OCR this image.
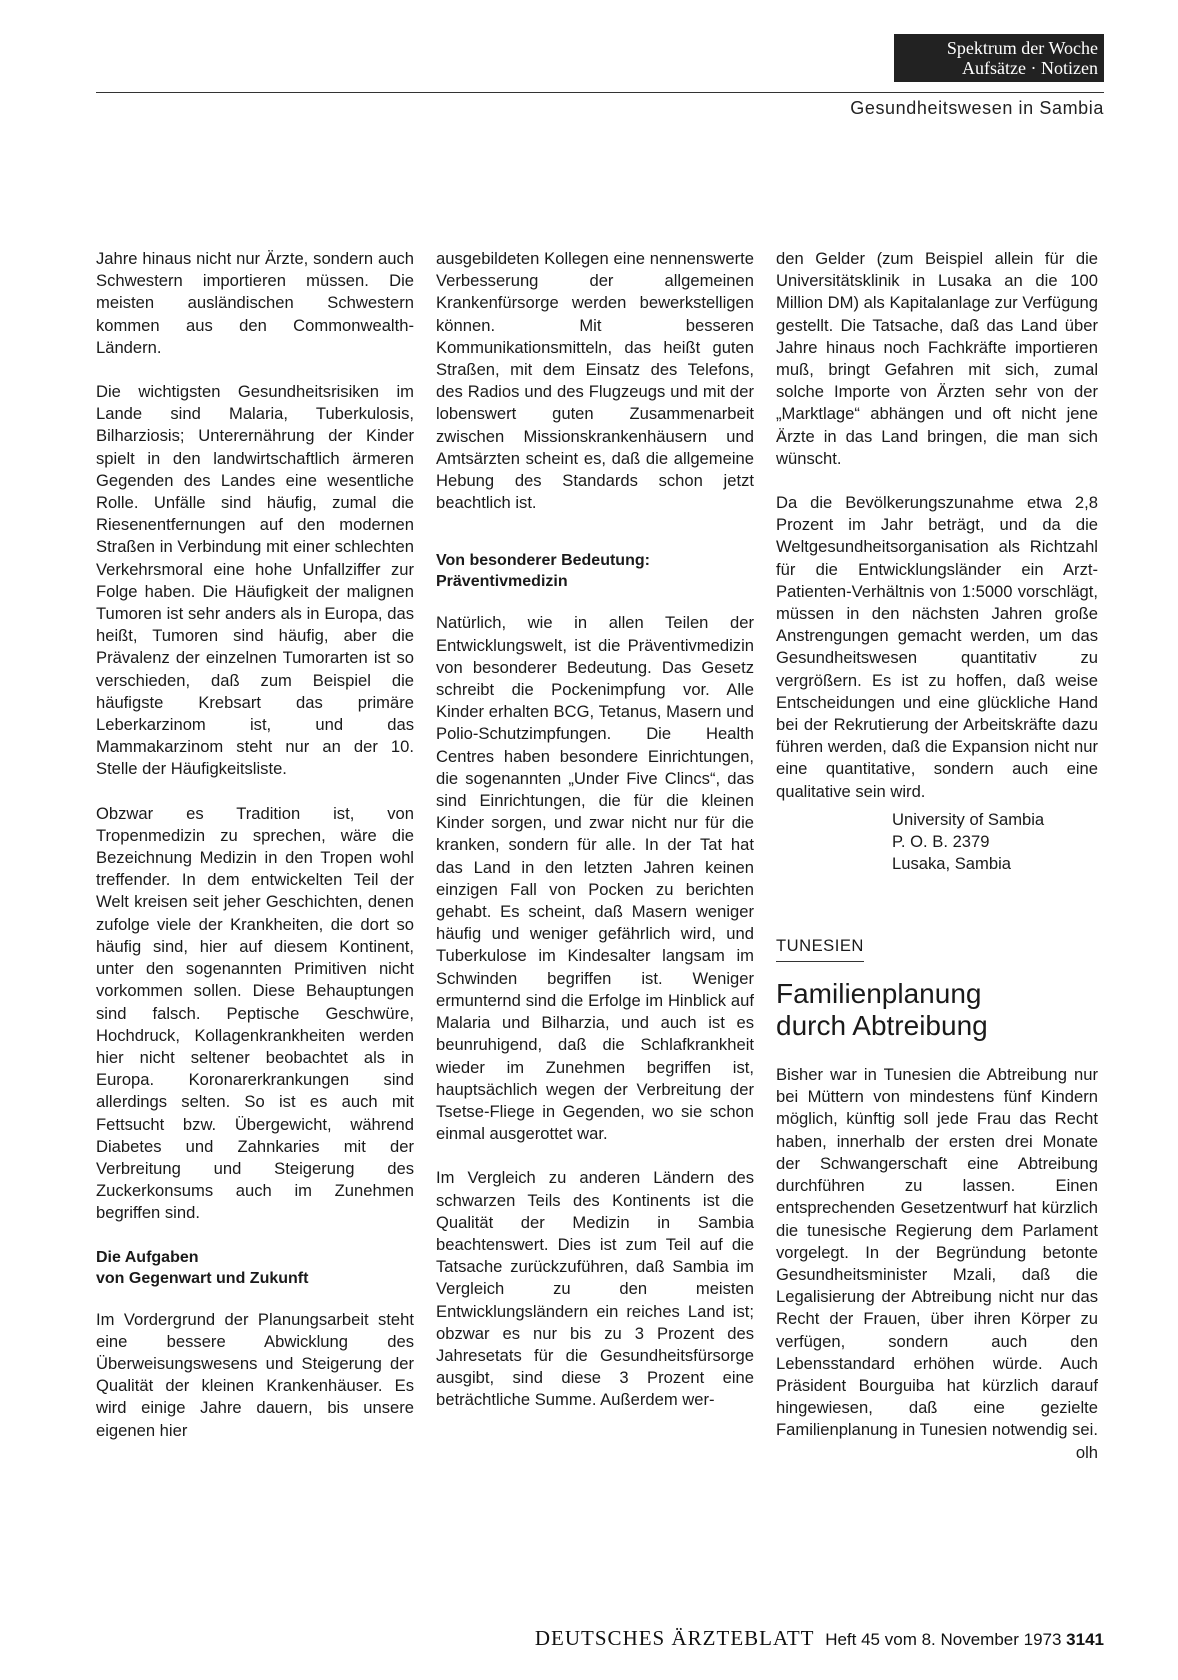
Spektrum der Woche
Aufsätze · Notizen
Gesundheitswesen in Sambia

Jahre hinaus nicht nur Ärzte, sondern auch Schwestern importieren müssen. Die meisten ausländischen Schwestern kommen aus den Commonwealth-Ländern.

Die wichtigsten Gesundheitsrisiken im Lande sind Malaria, Tuberkulosis, Bilharziosis; Unterernährung der Kinder spielt in den landwirtschaftlich ärmeren Gegenden des Landes eine wesentliche Rolle. Unfälle sind häufig, zumal die Riesenentfernungen auf den modernen Straßen in Verbindung mit einer schlechten Verkehrsmoral eine hohe Unfallziffer zur Folge haben. Die Häufigkeit der malignen Tumoren ist sehr anders als in Europa, das heißt, Tumoren sind häufig, aber die Prävalenz der einzelnen Tumorarten ist so verschieden, daß zum Beispiel die häufigste Krebsart das primäre Leberkarzinom ist, und das Mammakarzinom steht nur an der 10. Stelle der Häufigkeitsliste.

Obzwar es Tradition ist, von Tropenmedizin zu sprechen, wäre die Bezeichnung Medizin in den Tropen wohl treffender. In dem entwickelten Teil der Welt kreisen seit jeher Geschichten, denen zufolge viele der Krankheiten, die dort so häufig sind, hier auf diesem Kontinent, unter den sogenannten Primitiven nicht vorkommen sollen. Diese Behauptungen sind falsch. Peptische Geschwüre, Hochdruck, Kollagenkrankheiten werden hier nicht seltener beobachtet als in Europa. Koronarerkrankungen sind allerdings selten. So ist es auch mit Fettsucht bzw. Übergewicht, während Diabetes und Zahnkaries mit der Verbreitung und Steigerung des Zuckerkonsums auch im Zunehmen begriffen sind.

Die Aufgaben
von Gegenwart und Zukunft

Im Vordergrund der Planungsarbeit steht eine bessere Abwicklung des Überweisungswesens und Steigerung der Qualität der kleinen Krankenhäuser. Es wird einige Jahre dauern, bis unsere eigenen hier

ausgebildeten Kollegen eine nennenswerte Verbesserung der allgemeinen Krankenfürsorge werden bewerkstelligen können. Mit besseren Kommunikationsmitteln, das heißt guten Straßen, mit dem Einsatz des Telefons, des Radios und des Flugzeugs und mit der lobenswert guten Zusammenarbeit zwischen Missionskrankenhäusern und Amtsärzten scheint es, daß die allgemeine Hebung des Standards schon jetzt beachtlich ist.

Von besonderer Bedeutung:
Präventivmedizin

Natürlich, wie in allen Teilen der Entwicklungswelt, ist die Präventivmedizin von besonderer Bedeutung. Das Gesetz schreibt die Pockenimpfung vor. Alle Kinder erhalten BCG, Tetanus, Masern und Polio-Schutzimpfungen. Die Health Centres haben besondere Einrichtungen, die sogenannten „Under Five Clincs“, das sind Einrichtungen, die für die kleinen Kinder sorgen, und zwar nicht nur für die kranken, sondern für alle. In der Tat hat das Land in den letzten Jahren keinen einzigen Fall von Pocken zu berichten gehabt. Es scheint, daß Masern weniger häufig und weniger gefährlich wird, und Tuberkulose im Kindesalter langsam im Schwinden begriffen ist. Weniger ermunternd sind die Erfolge im Hinblick auf Malaria und Bilharzia, und auch ist es beunruhigend, daß die Schlafkrankheit wieder im Zunehmen begriffen ist, hauptsächlich wegen der Verbreitung der Tsetse-Fliege in Gegenden, wo sie schon einmal ausgerottet war.

Im Vergleich zu anderen Ländern des schwarzen Teils des Kontinents ist die Qualität der Medizin in Sambia beachtenswert. Dies ist zum Teil auf die Tatsache zurückzuführen, daß Sambia im Vergleich zu den meisten Entwicklungsländern ein reiches Land ist; obzwar es nur bis zu 3 Prozent des Jahresetats für die Gesundheitsfürsorge ausgibt, sind diese 3 Prozent eine beträchtliche Summe. Außerdem wer-

den Gelder (zum Beispiel allein für die Universitätsklinik in Lusaka an die 100 Million DM) als Kapitalanlage zur Verfügung gestellt. Die Tatsache, daß das Land über Jahre hinaus noch Fachkräfte importieren muß, bringt Gefahren mit sich, zumal solche Importe von Ärzten sehr von der „Marktlage“ abhängen und oft nicht jene Ärzte in das Land bringen, die man sich wünscht.

Da die Bevölkerungszunahme etwa 2,8 Prozent im Jahr beträgt, und da die Weltgesundheitsorganisation als Richtzahl für die Entwicklungsländer ein Arzt-Patienten-Verhältnis von 1:5000 vorschlägt, müssen in den nächsten Jahren große Anstrengungen gemacht werden, um das Gesundheitswesen quantitativ zu vergrößern. Es ist zu hoffen, daß weise Entscheidungen und eine glückliche Hand bei der Rekrutierung der Arbeitskräfte dazu führen werden, daß die Expansion nicht nur eine quantitative, sondern auch eine qualitative sein wird.

University of Sambia
P. O. B. 2379
Lusaka, Sambia
TUNESIEN
Familienplanung
durch Abtreibung

Bisher war in Tunesien die Abtreibung nur bei Müttern von mindestens fünf Kindern möglich, künftig soll jede Frau das Recht haben, innerhalb der ersten drei Monate der Schwangerschaft eine Abtreibung durchführen zu lassen. Einen entsprechenden Gesetzentwurf hat kürzlich die tunesische Regierung dem Parlament vorgelegt. In der Begründung betonte Gesundheitsminister Mzali, daß die Legalisierung der Abtreibung nicht nur das Recht der Frauen, über ihren Körper zu verfügen, sondern auch den Lebensstandard erhöhen würde. Auch Präsident Bourguiba hat kürzlich darauf hingewiesen, daß eine gezielte Familienplanung in Tunesien notwendig sei.
olh

DEUTSCHES ÄRZTEBLATT Heft 45 vom 8. November 1973 3141
